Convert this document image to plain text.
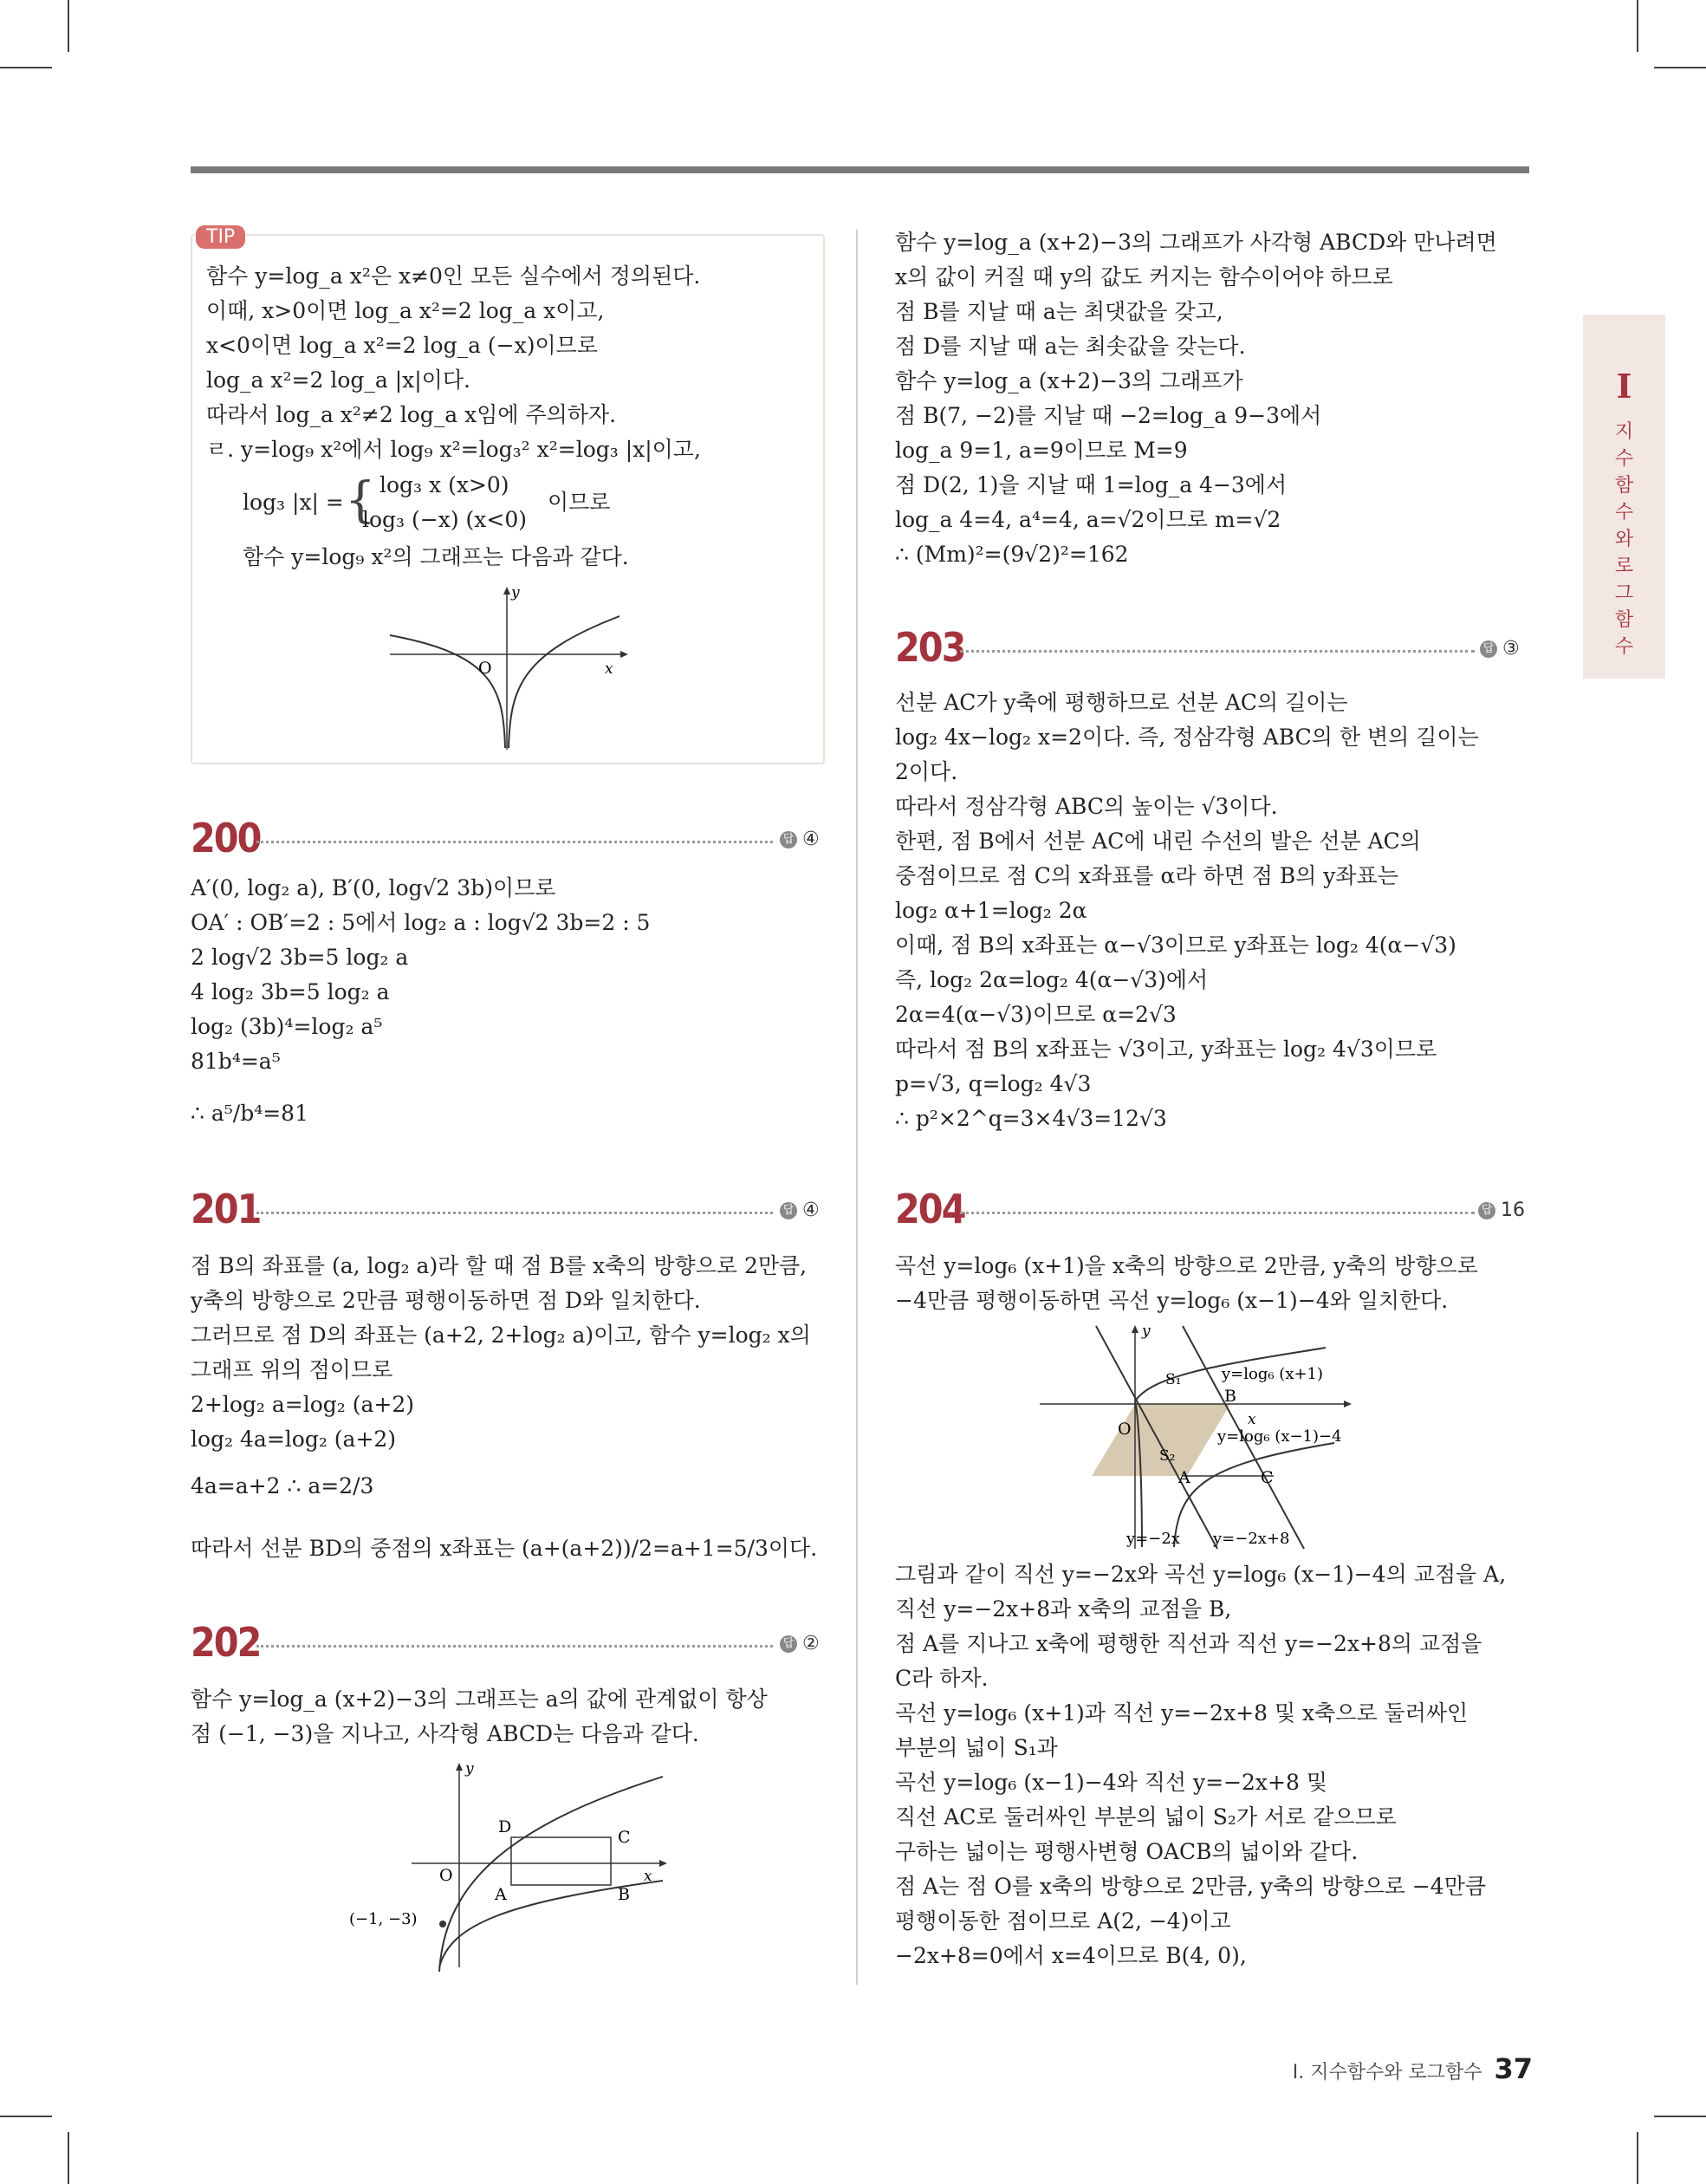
TIP
함수 y=log_a x²은 x≠0인 모든 실수에서 정의된다.
이때, x>0이면 log_a x²=2 log_a x이고,
x<0이면 log_a x²=2 log_a (−x)이므로
log_a x²=2 log_a |x|이다.
따라서 log_a x²≠2 log_a x임에 주의하자.
ㄹ. y=log₉ x²에서 log₉ x²=log₃² x²=log₃ |x|이고,
log₃ |x| = { log₃ x (x>0)
log₃ (−x) (x<0)
이므로
함수 y=log₉ x²의 그래프는 다음과 같다.
y
O	x
200	답 ④
A′(0, log₂ a), B′(0, log√2 3b)이므로
OA′ : OB′=2 : 5에서 log₂ a : log√2 3b=2 : 5
2 log√2 3b=5 log₂ a
4 log₂ 3b=5 log₂ a
log₂ (3b)⁴=log₂ a⁵
81b⁴=a⁵
∴ a⁵/b⁴=81
201	답 ④
점 B의 좌표를 (a, log₂ a)라 할 때 점 B를 x축의 방향으로 2만큼,
y축의 방향으로 2만큼 평행이동하면 점 D와 일치한다.
그러므로 점 D의 좌표는 (a+2, 2+log₂ a)이고, 함수 y=log₂ x의
그래프 위의 점이므로
2+log₂ a=log₂ (a+2)
log₂ 4a=log₂ (a+2)
4a=a+2 ∴ a=2/3
따라서 선분 BD의 중점의 x좌표는 (a+(a+2))/2=a+1=5/3이다.
202	답 ②
함수 y=log_a (x+2)−3의 그래프는 a의 값에 관계없이 항상
점 (−1, −3)을 지나고, 사각형 ABCD는 다음과 같다.
y
O	x
D
C
A	B
(−1, −3)
함수 y=log_a (x+2)−3의 그래프가 사각형 ABCD와 만나려면
x의 값이 커질 때 y의 값도 커지는 함수이어야 하므로
점 B를 지날 때 a는 최댓값을 갖고,
점 D를 지날 때 a는 최솟값을 갖는다.
함수 y=log_a (x+2)−3의 그래프가
점 B(7, −2)를 지날 때 −2=log_a 9−3에서
log_a 9=1, a=9이므로 M=9
점 D(2, 1)을 지날 때 1=log_a 4−3에서
log_a 4=4, a⁴=4, a=√2이므로 m=√2
∴ (Mm)²=(9√2)²=162
203	답 ③
선분 AC가 y축에 평행하므로 선분 AC의 길이는
log₂ 4x−log₂ x=2이다. 즉, 정삼각형 ABC의 한 변의 길이는
2이다.
따라서 정삼각형 ABC의 높이는 √3이다.
한편, 점 B에서 선분 AC에 내린 수선의 발은 선분 AC의
중점이므로 점 C의 x좌표를 α라 하면 점 B의 y좌표는
log₂ α+1=log₂ 2α
이때, 점 B의 x좌표는 α−√3이므로 y좌표는 log₂ 4(α−√3)
즉, log₂ 2α=log₂ 4(α−√3)에서
2α=4(α−√3)이므로 α=2√3
따라서 점 B의 x좌표는 √3이고, y좌표는 log₂ 4√3이므로
p=√3, q=log₂ 4√3
∴ p²×2^q=3×4√3=12√3
204	답 16
곡선 y=log₆ (x+1)을 x축의 방향으로 2만큼, y축의 방향으로
−4만큼 평행이동하면 곡선 y=log₆ (x−1)−4와 일치한다.
y
O	x
A
B
C
S₁
S₂
y=log₆ (x+1)
y=log₆ (x−1)−4
y=−2x y=−2x+8
그림과 같이 직선 y=−2x와 곡선 y=log₆ (x−1)−4의 교점을 A,
직선 y=−2x+8과 x축의 교점을 B,
점 A를 지나고 x축에 평행한 직선과 직선 y=−2x+8의 교점을
C라 하자.
곡선 y=log₆ (x+1)과 직선 y=−2x+8 및 x축으로 둘러싸인
부분의 넓이 S₁과
곡선 y=log₆ (x−1)−4와 직선 y=−2x+8 및
직선 AC로 둘러싸인 부분의 넓이 S₂가 서로 같으므로
구하는 넓이는 평행사변형 OACB의 넓이와 같다.
점 A는 점 O를 x축의 방향으로 2만큼, y축의 방향으로 −4만큼
평행이동한 점이므로 A(2, −4)이고
−2x+8=0에서 x=4이므로 B(4, 0),
I
지
수
함
수
와
로
그
함
수
Ⅰ. 지수함수와 로그함수 37
